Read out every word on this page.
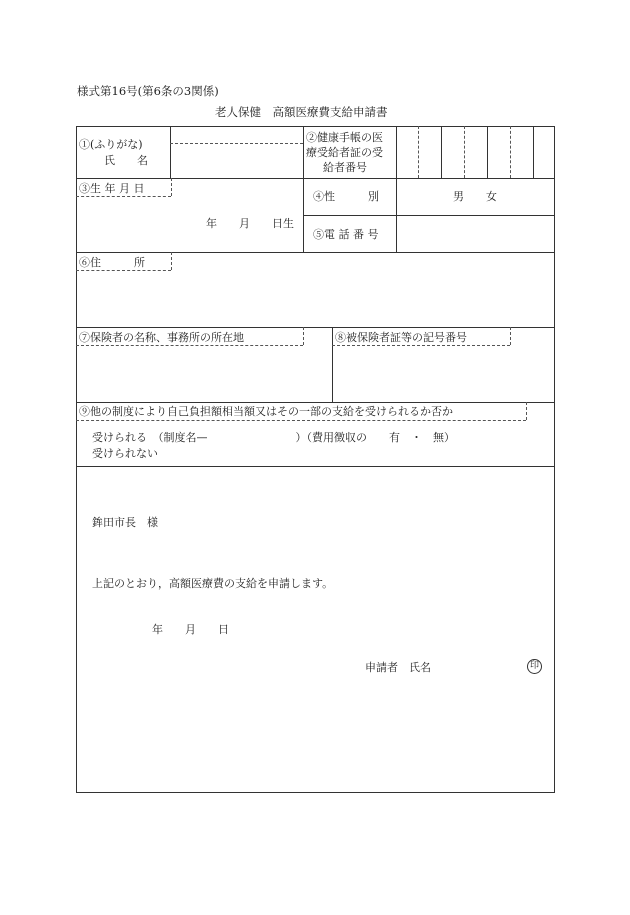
様式第16号(第6条の3関係)
老人保健　高額医療費支給申請書
①(ふりがな)
氏　　名
②健康手帳の医
療受給者証の受
給者番号
③生 年 月 日
年　　月　　日生
④性　　　別	男　　女
⑤電 話 番 号
⑥住　　　所
⑦保険者の名称、事務所の所在地	⑧被保険者証等の記号番号
⑨他の制度により自己負担額相当額又はその一部の支給を受けられるか否か
受けられる　（制度名—　　　　　　　　）（費用徴収の　　有　・　無）
受けられない
鉾田市長　様
上記のとおり，高額医療費の支給を申請します。
年　　月　　日
申請者　氏名	印
